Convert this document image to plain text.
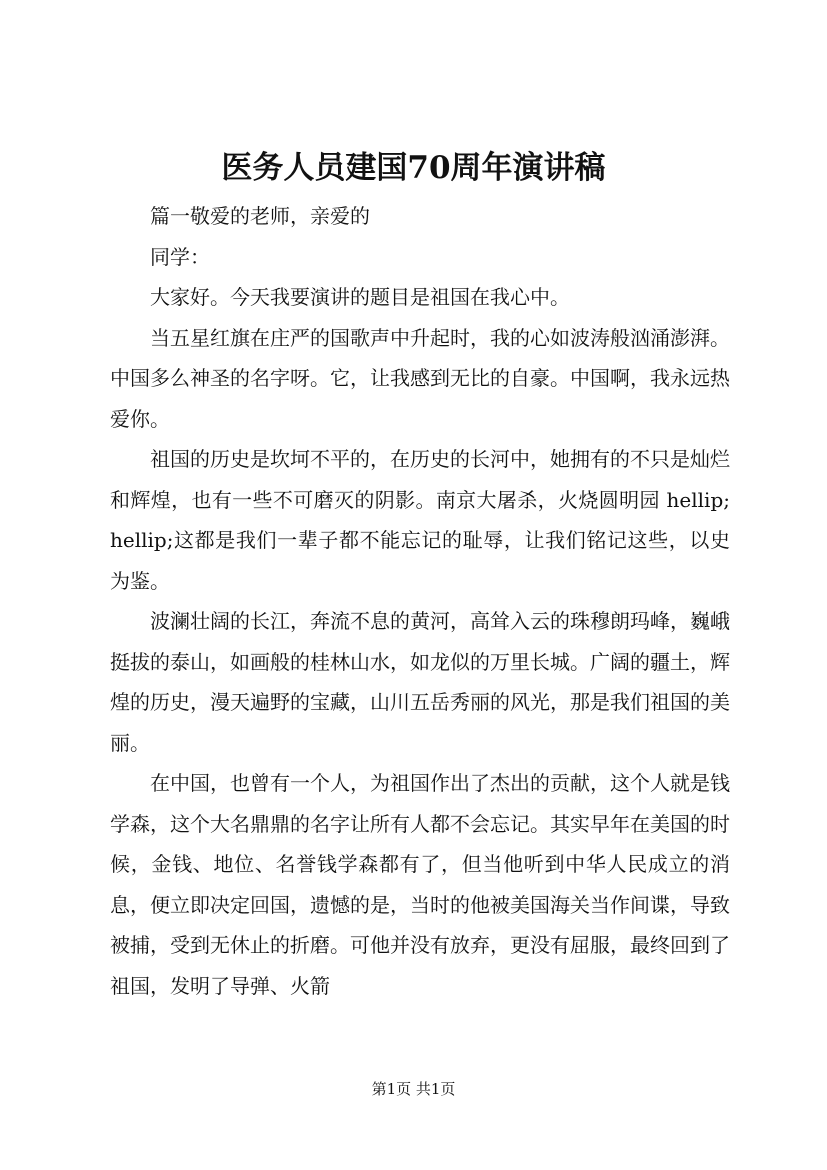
医务人员建国70周年演讲稿

篇一敬爱的老师，亲爱的

同学：

大家好。今天我要演讲的题目是祖国在我心中。

当五星红旗在庄严的国歌声中升起时，我的心如波涛般汹涌澎湃。中国多么神圣的名字呀。它，让我感到无比的自豪。中国啊，我永远热爱你。

祖国的历史是坎坷不平的，在历史的长河中，她拥有的不只是灿烂和辉煌，也有一些不可磨灭的阴影。南京大屠杀，火烧圆明园 hellip;hellip;这都是我们一辈子都不能忘记的耻辱，让我们铭记这些，以史为鉴。

波澜壮阔的长江，奔流不息的黄河，高耸入云的珠穆朗玛峰，巍峨挺拔的泰山，如画般的桂林山水，如龙似的万里长城。广阔的疆土，辉煌的历史，漫天遍野的宝藏，山川五岳秀丽的风光，那是我们祖国的美丽。

在中国，也曾有一个人，为祖国作出了杰出的贡献，这个人就是钱学森，这个大名鼎鼎的名字让所有人都不会忘记。其实早年在美国的时候，金钱、地位、名誉钱学森都有了，但当他听到中华人民成立的消息，便立即决定回国，遗憾的是，当时的他被美国海关当作间谍，导致被捕，受到无休止的折磨。可他并没有放弃，更没有屈服，最终回到了祖国，发明了导弹、火箭

第1页 共1页
